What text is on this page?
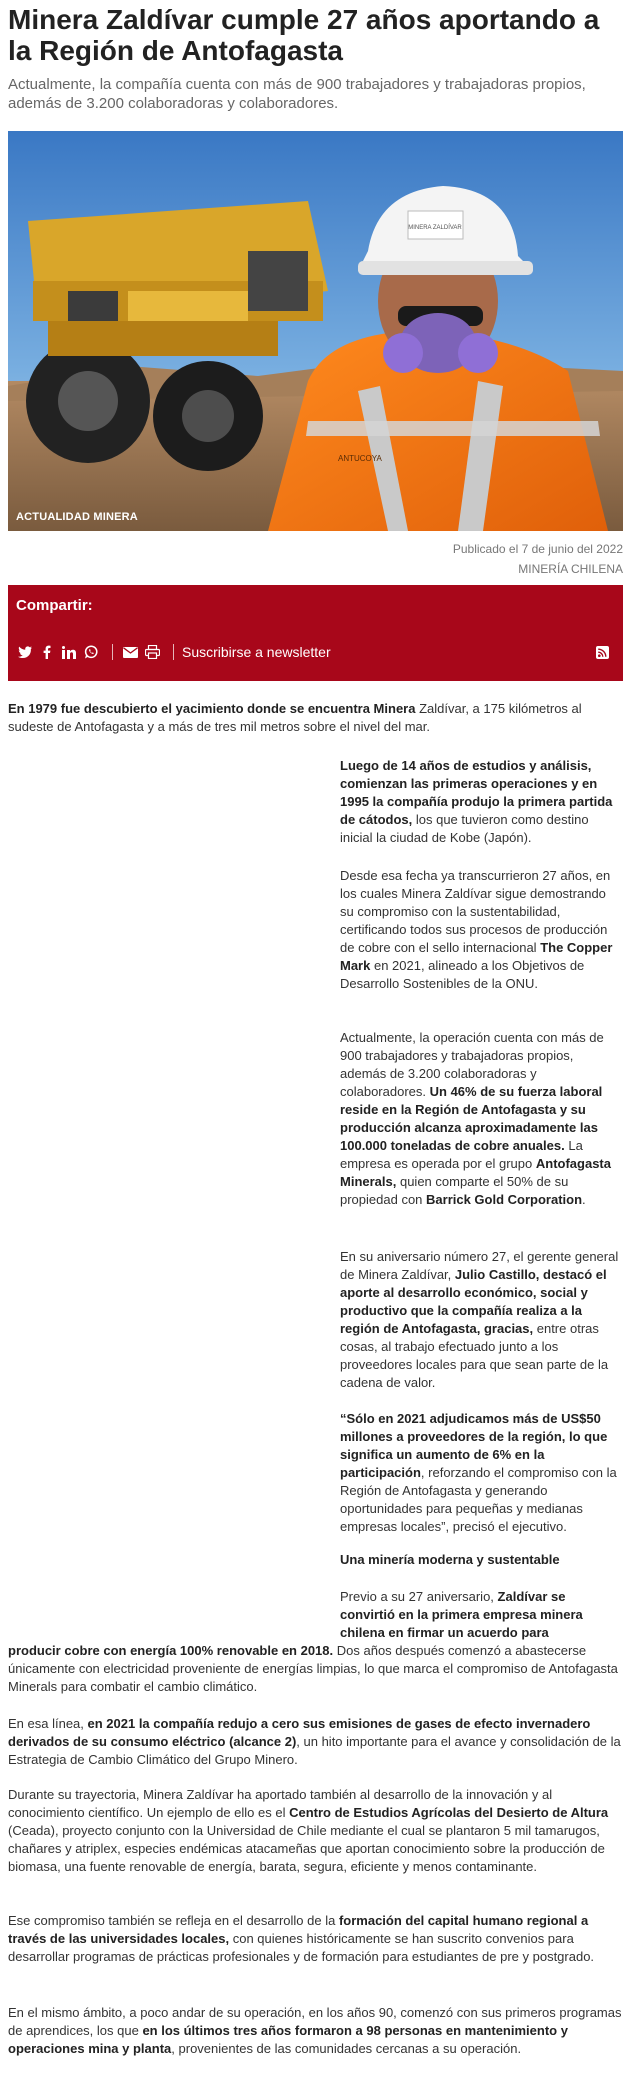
Minera Zaldívar cumple 27 años aportando a la Región de Antofagasta

Actualmente, la compañía cuenta con más de 900 trabajadores y trabajadoras propios, además de 3.200 colaboradoras y colaboradores.

MINERA ZALDÍVAR
ANTUCOYA
ACTUALIDAD MINERA

Publicado el 7 de junio del 2022

MINERÍA CHILENA

Compartir:
Suscribirse a newsletter

En 1979 fue descubierto el yacimiento donde se encuentra Minera Zaldívar, a 175 kilómetros al sudeste de Antofagasta y a más de tres mil metros sobre el nivel del mar.

Luego de 14 años de estudios y análisis, comienzan las primeras operaciones y en 1995 la compañía produjo la primera partida de cátodos, los que tuvieron como destino inicial la ciudad de Kobe (Japón).

Desde esa fecha ya transcurrieron 27 años, en los cuales Minera Zaldívar sigue demostrando su compromiso con la sustentabilidad, certificando todos sus procesos de producción de cobre con el sello internacional The Copper Mark en 2021, alineado a los Objetivos de Desarrollo Sostenibles de la ONU.

Actualmente, la operación cuenta con más de 900 trabajadores y trabajadoras propios, además de 3.200 colaboradoras y colaboradores. Un 46% de su fuerza laboral reside en la Región de Antofagasta y su producción alcanza aproximadamente las 100.000 toneladas de cobre anuales. La empresa es operada por el grupo Antofagasta Minerals, quien comparte el 50% de su propiedad con Barrick Gold Corporation.

En su aniversario número 27, el gerente general de Minera Zaldívar, Julio Castillo, destacó el aporte al desarrollo económico, social y productivo que la compañía realiza a la región de Antofagasta, gracias, entre otras cosas, al trabajo efectuado junto a los proveedores locales para que sean parte de la cadena de valor.

“Sólo en 2021 adjudicamos más de US$50 millones a proveedores de la región, lo que significa un aumento de 6% en la participación, reforzando el compromiso con la Región de Antofagasta y generando oportunidades para pequeñas y medianas empresas locales”, precisó el ejecutivo.

Una minería moderna y sustentable

Previo a su 27 aniversario, Zaldívar se convirtió en la primera empresa minera chilena en firmar un acuerdo para

producir cobre con energía 100% renovable en 2018. Dos años después comenzó a abastecerse únicamente con electricidad proveniente de energías limpias, lo que marca el compromiso de Antofagasta Minerals para combatir el cambio climático.

En esa línea, en 2021 la compañía redujo a cero sus emisiones de gases de efecto invernadero derivados de su consumo eléctrico (alcance 2), un hito importante para el avance y consolidación de la Estrategia de Cambio Climático del Grupo Minero.

Durante su trayectoria, Minera Zaldívar ha aportado también al desarrollo de la innovación y al conocimiento científico. Un ejemplo de ello es el Centro de Estudios Agrícolas del Desierto de Altura (Ceada), proyecto conjunto con la Universidad de Chile mediante el cual se plantaron 5 mil tamarugos, chañares y atriplex, especies endémicas atacameñas que aportan conocimiento sobre la producción de biomasa, una fuente renovable de energía, barata, segura, eficiente y menos contaminante.

Ese compromiso también se refleja en el desarrollo de la formación del capital humano regional a través de las universidades locales, con quienes históricamente se han suscrito convenios para desarrollar programas de prácticas profesionales y de formación para estudiantes de pre y postgrado.

En el mismo ámbito, a poco andar de su operación, en los años 90, comenzó con sus primeros programas de aprendices, los que en los últimos tres años formaron a 98 personas en mantenimiento y operaciones mina y planta, provenientes de las comunidades cercanas a su operación.
